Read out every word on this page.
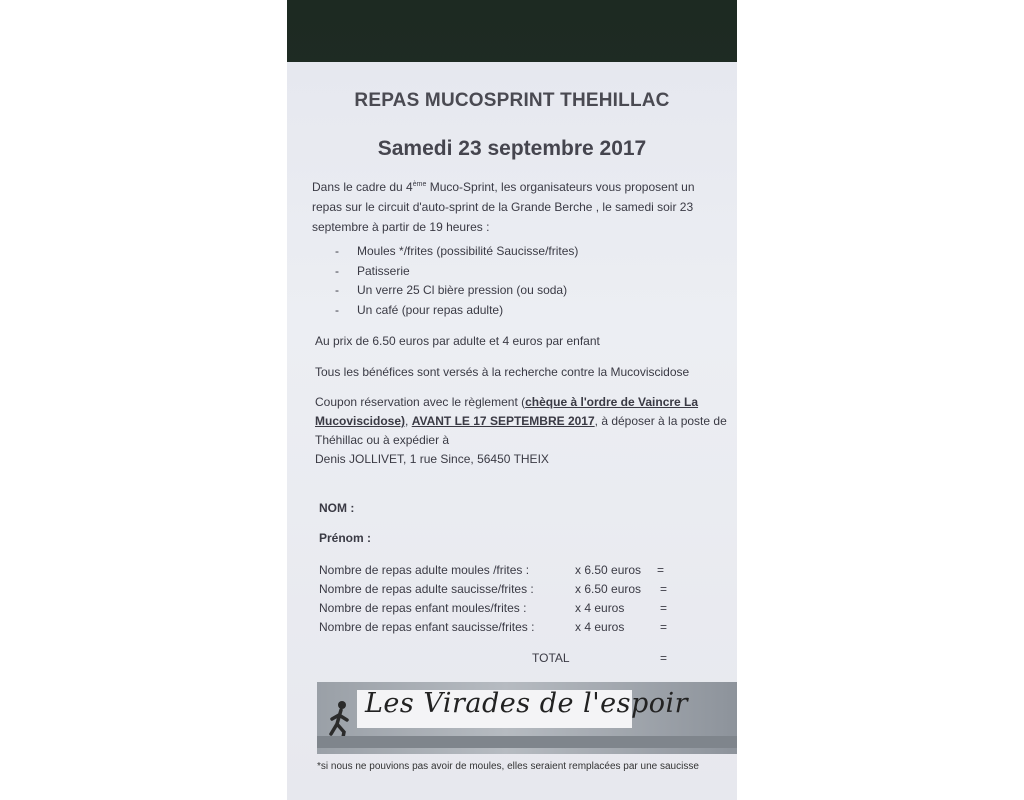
REPAS MUCOSPRINT THEHILLAC
Samedi 23 septembre 2017
Dans le cadre du 4ème Muco-Sprint, les organisateurs vous proposent un repas sur le circuit d'auto-sprint de la Grande Berche , le samedi soir 23 septembre à partir de 19 heures :
- Moules */frites (possibilité Saucisse/frites)
- Patisserie
- Un verre 25 Cl bière pression (ou soda)
- Un café (pour repas adulte)
Au prix de 6.50 euros par adulte et 4 euros par enfant
Tous les bénéfices sont versés à la recherche contre la Mucoviscidose
Coupon réservation avec le règlement (chèque à l'ordre de Vaincre La
Mucoviscidose), AVANT LE 17 SEPTEMBRE 2017, à déposer à la poste de
Théhillac ou à expédier à
Denis JOLLIVET, 1 rue Since, 56450 THEIX
NOM :
Prénom :
Nombre de repas adulte moules /frites :	x 6.50 euros =
Nombre de repas adulte saucisse/frites :	x 6.50 euros =
Nombre de repas enfant moules/frites :	x 4 euros	=
Nombre de repas enfant saucisse/frites :	x 4 euros	=
TOTAL	=
Les Virades de l'espoir
*si nous ne pouvions pas avoir de moules, elles seraient remplacées par une saucisse
